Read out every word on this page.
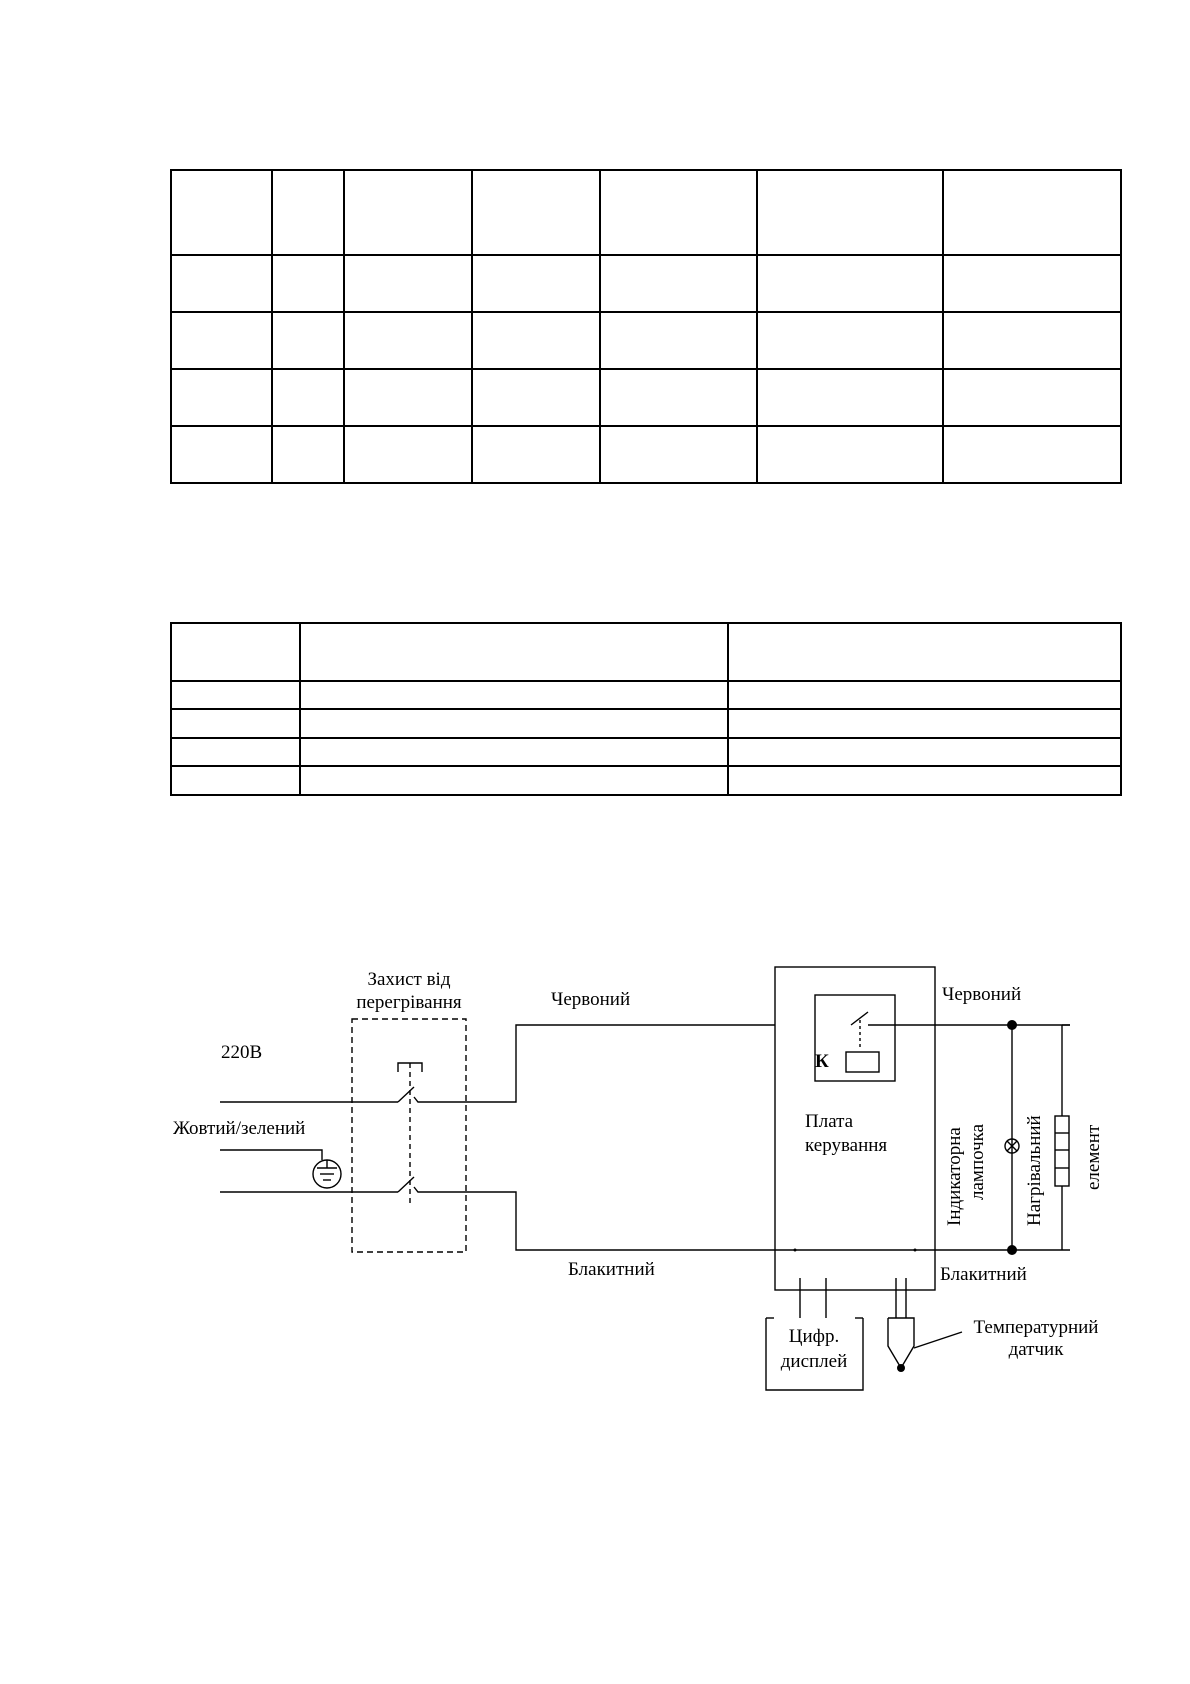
Захист від
перегрівання
220В
Жовтий/зелений
Червоний	Червоний
Блакитний	Блакитний
К
Плата
керування	Індикаторна лампочка Нагрівальний елемент
Цифр.
дисплей
Температурний
датчик
